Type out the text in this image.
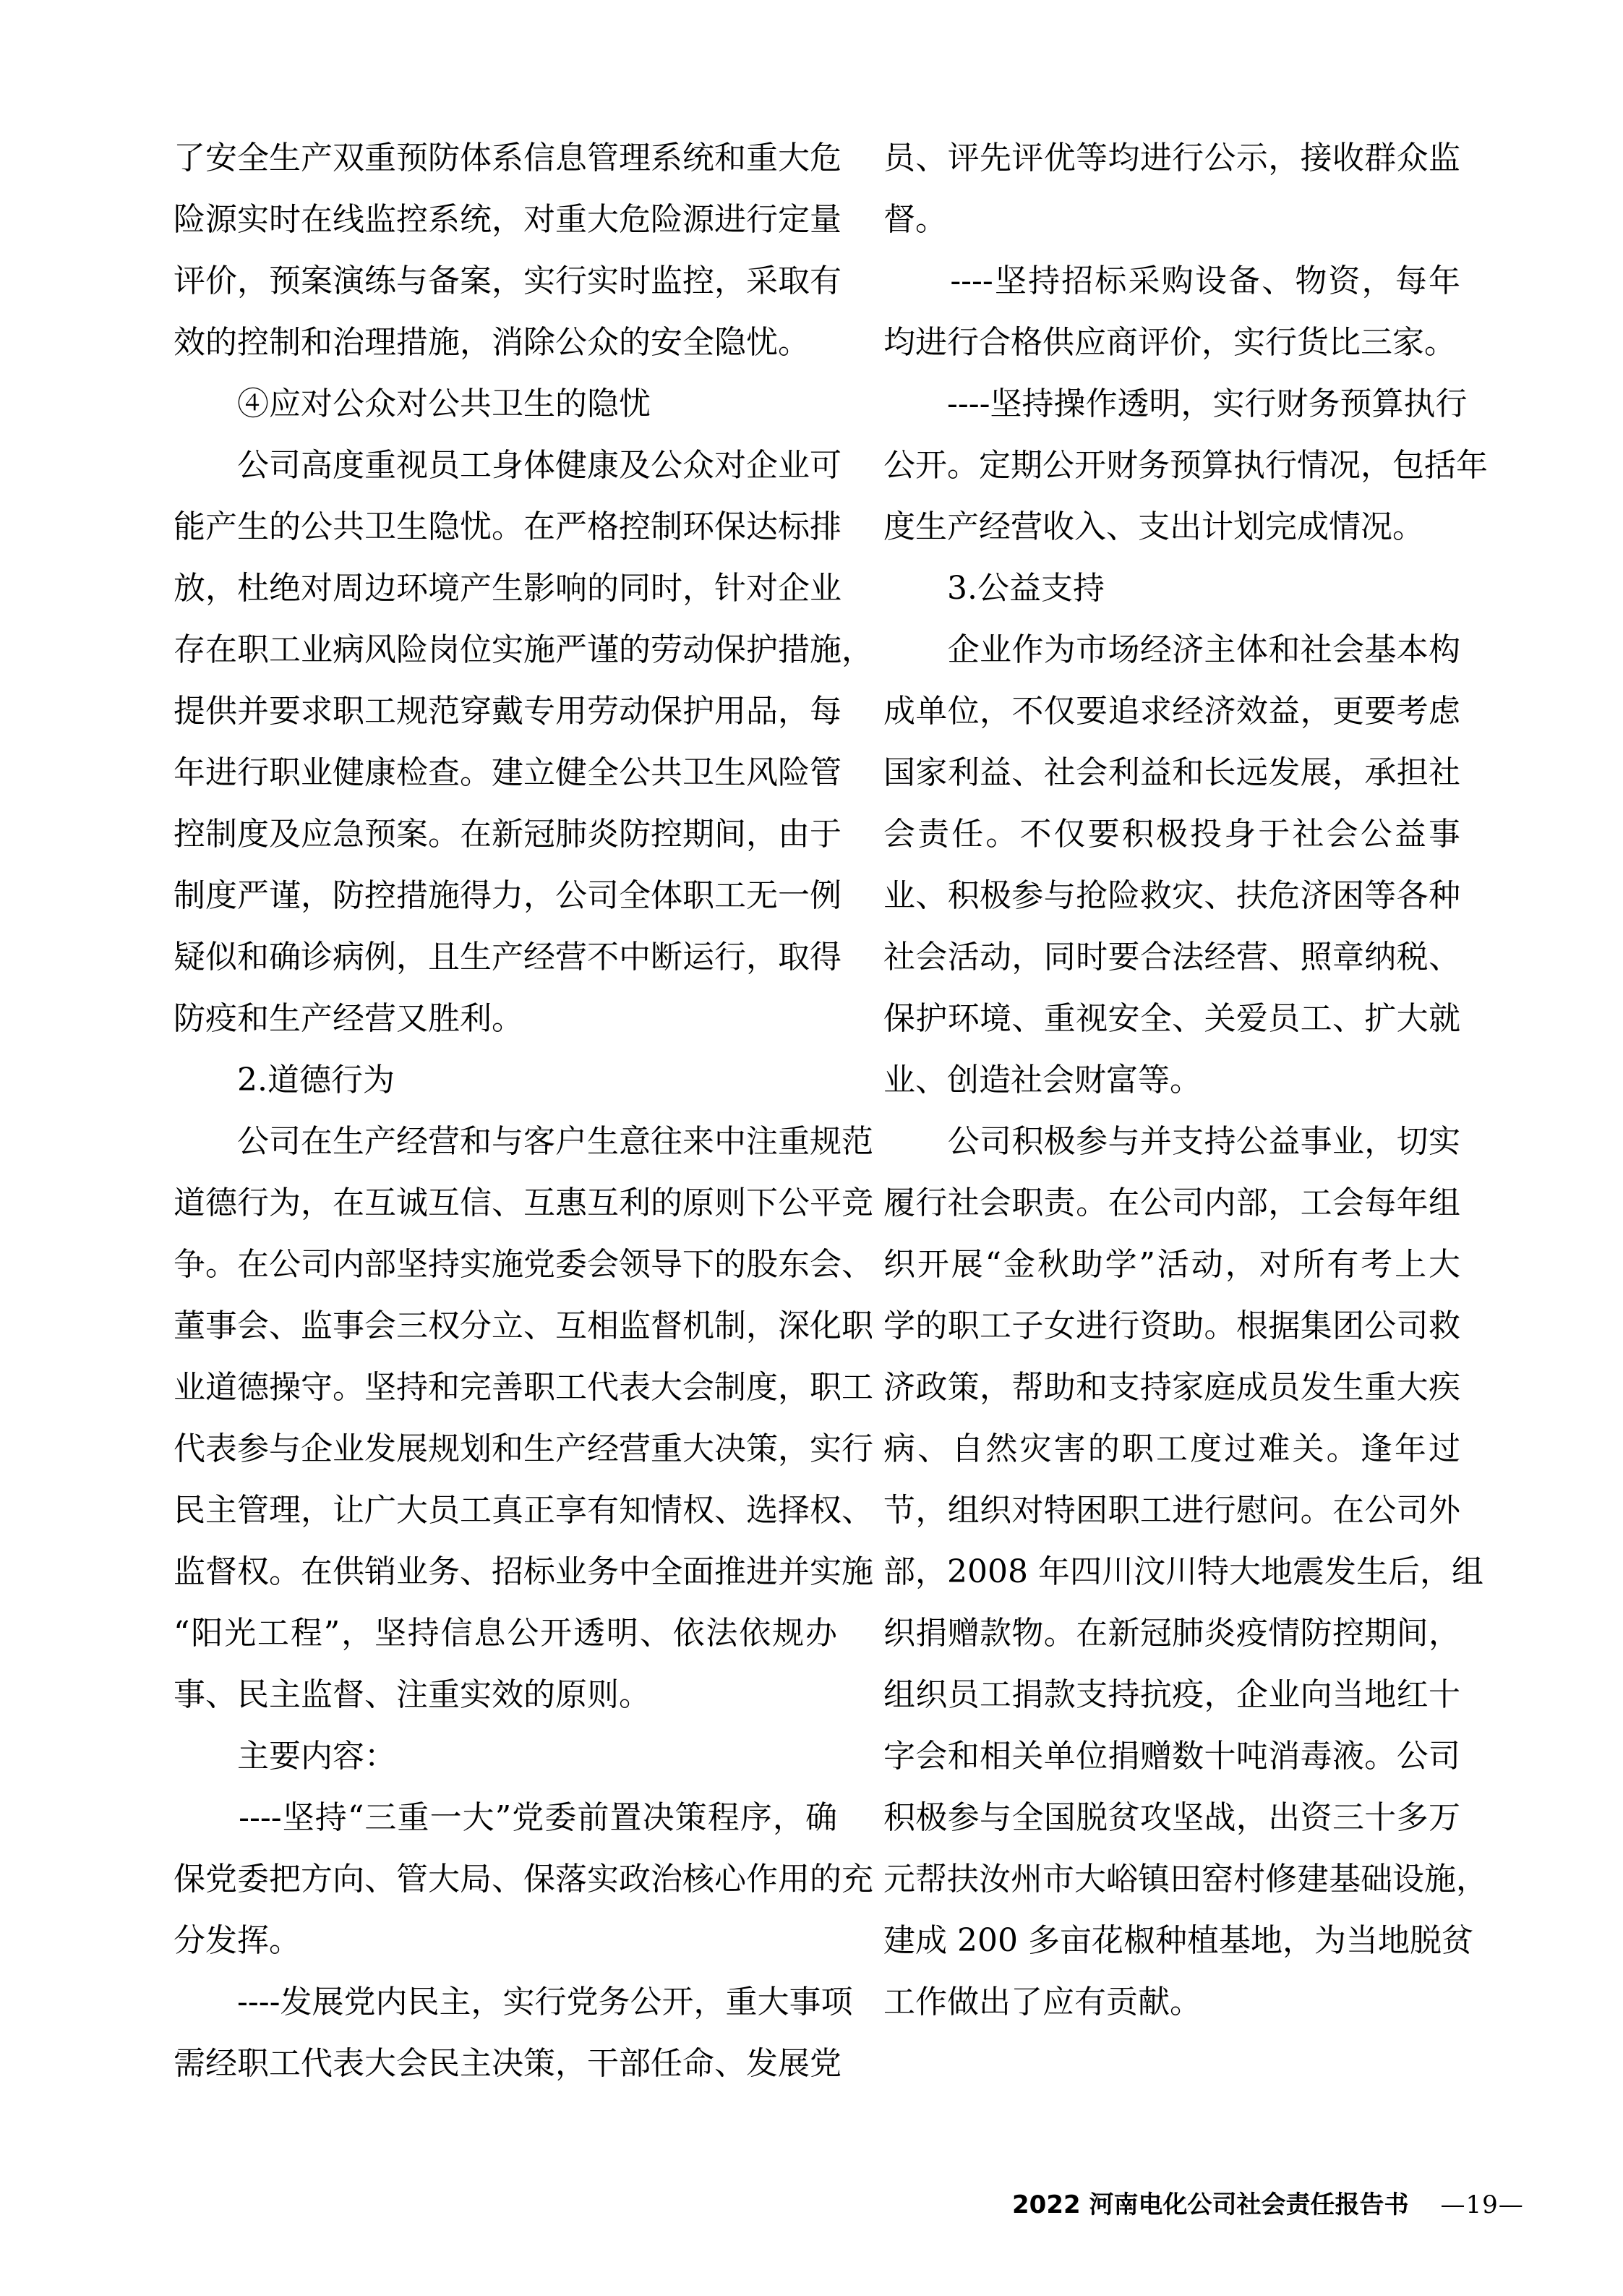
了安全生产双重预防体系信息管理系统和重大危
险源实时在线监控系统，对重大危险源进行定量
评价，预案演练与备案，实行实时监控，采取有
效的控制和治理措施，消除公众的安全隐忧。
　　④应对公众对公共卫生的隐忧
　　公司高度重视员工身体健康及公众对企业可
能产生的公共卫生隐忧。在严格控制环保达标排
放，杜绝对周边环境产生影响的同时，针对企业
存在职工业病风险岗位实施严谨的劳动保护措施，
提供并要求职工规范穿戴专用劳动保护用品，每
年进行职业健康检查。建立健全公共卫生风险管
控制度及应急预案。在新冠肺炎防控期间，由于
制度严谨，防控措施得力，公司全体职工无一例
疑似和确诊病例，且生产经营不中断运行，取得
防疫和生产经营又胜利。
　　2.道德行为
　　公司在生产经营和与客户生意往来中注重规范
道德行为，在互诚互信、互惠互利的原则下公平竞
争。在公司内部坚持实施党委会领导下的股东会、
董事会、监事会三权分立、互相监督机制，深化职
业道德操守。坚持和完善职工代表大会制度，职工
代表参与企业发展规划和生产经营重大决策，实行
民主管理，让广大员工真正享有知情权、选择权、
监督权。在供销业务、招标业务中全面推进并实施
“阳光工程”，坚持信息公开透明、依法依规办
事、民主监督、注重实效的原则。
　　主要内容：
　　----坚持“三重一大”党委前置决策程序，确
保党委把方向、管大局、保落实政治核心作用的充
分发挥。
　　----发展党内民主，实行党务公开，重大事项
需经职工代表大会民主决策，干部任命、发展党
员、评先评优等均进行公示，接收群众监
督。
　　----坚持招标采购设备、物资，每年
均进行合格供应商评价，实行货比三家。
　　----坚持操作透明，实行财务预算执行
公开。定期公开财务预算执行情况，包括年
度生产经营收入、支出计划完成情况。
　　3.公益支持
　　企业作为市场经济主体和社会基本构
成单位，不仅要追求经济效益，更要考虑
国家利益、社会利益和长远发展，承担社
会责任。不仅要积极投身于社会公益事
业、积极参与抢险救灾、扶危济困等各种
社会活动，同时要合法经营、照章纳税、
保护环境、重视安全、关爱员工、扩大就
业、创造社会财富等。
　　公司积极参与并支持公益事业，切实
履行社会职责。在公司内部，工会每年组
织开展“金秋助学”活动，对所有考上大
学的职工子女进行资助。根据集团公司救
济政策，帮助和支持家庭成员发生重大疾
病、自然灾害的职工度过难关。逢年过
节，组织对特困职工进行慰问。在公司外
部，2008 年四川汶川特大地震发生后，组
织捐赠款物。在新冠肺炎疫情防控期间，
组织员工捐款支持抗疫，企业向当地红十
字会和相关单位捐赠数十吨消毒液。公司
积极参与全国脱贫攻坚战，出资三十多万
元帮扶汝州市大峪镇田窑村修建基础设施，
建成 200 多亩花椒种植基地，为当地脱贫
工作做出了应有贡献。
2022 河南电化公司社会责任报告书 —19—
